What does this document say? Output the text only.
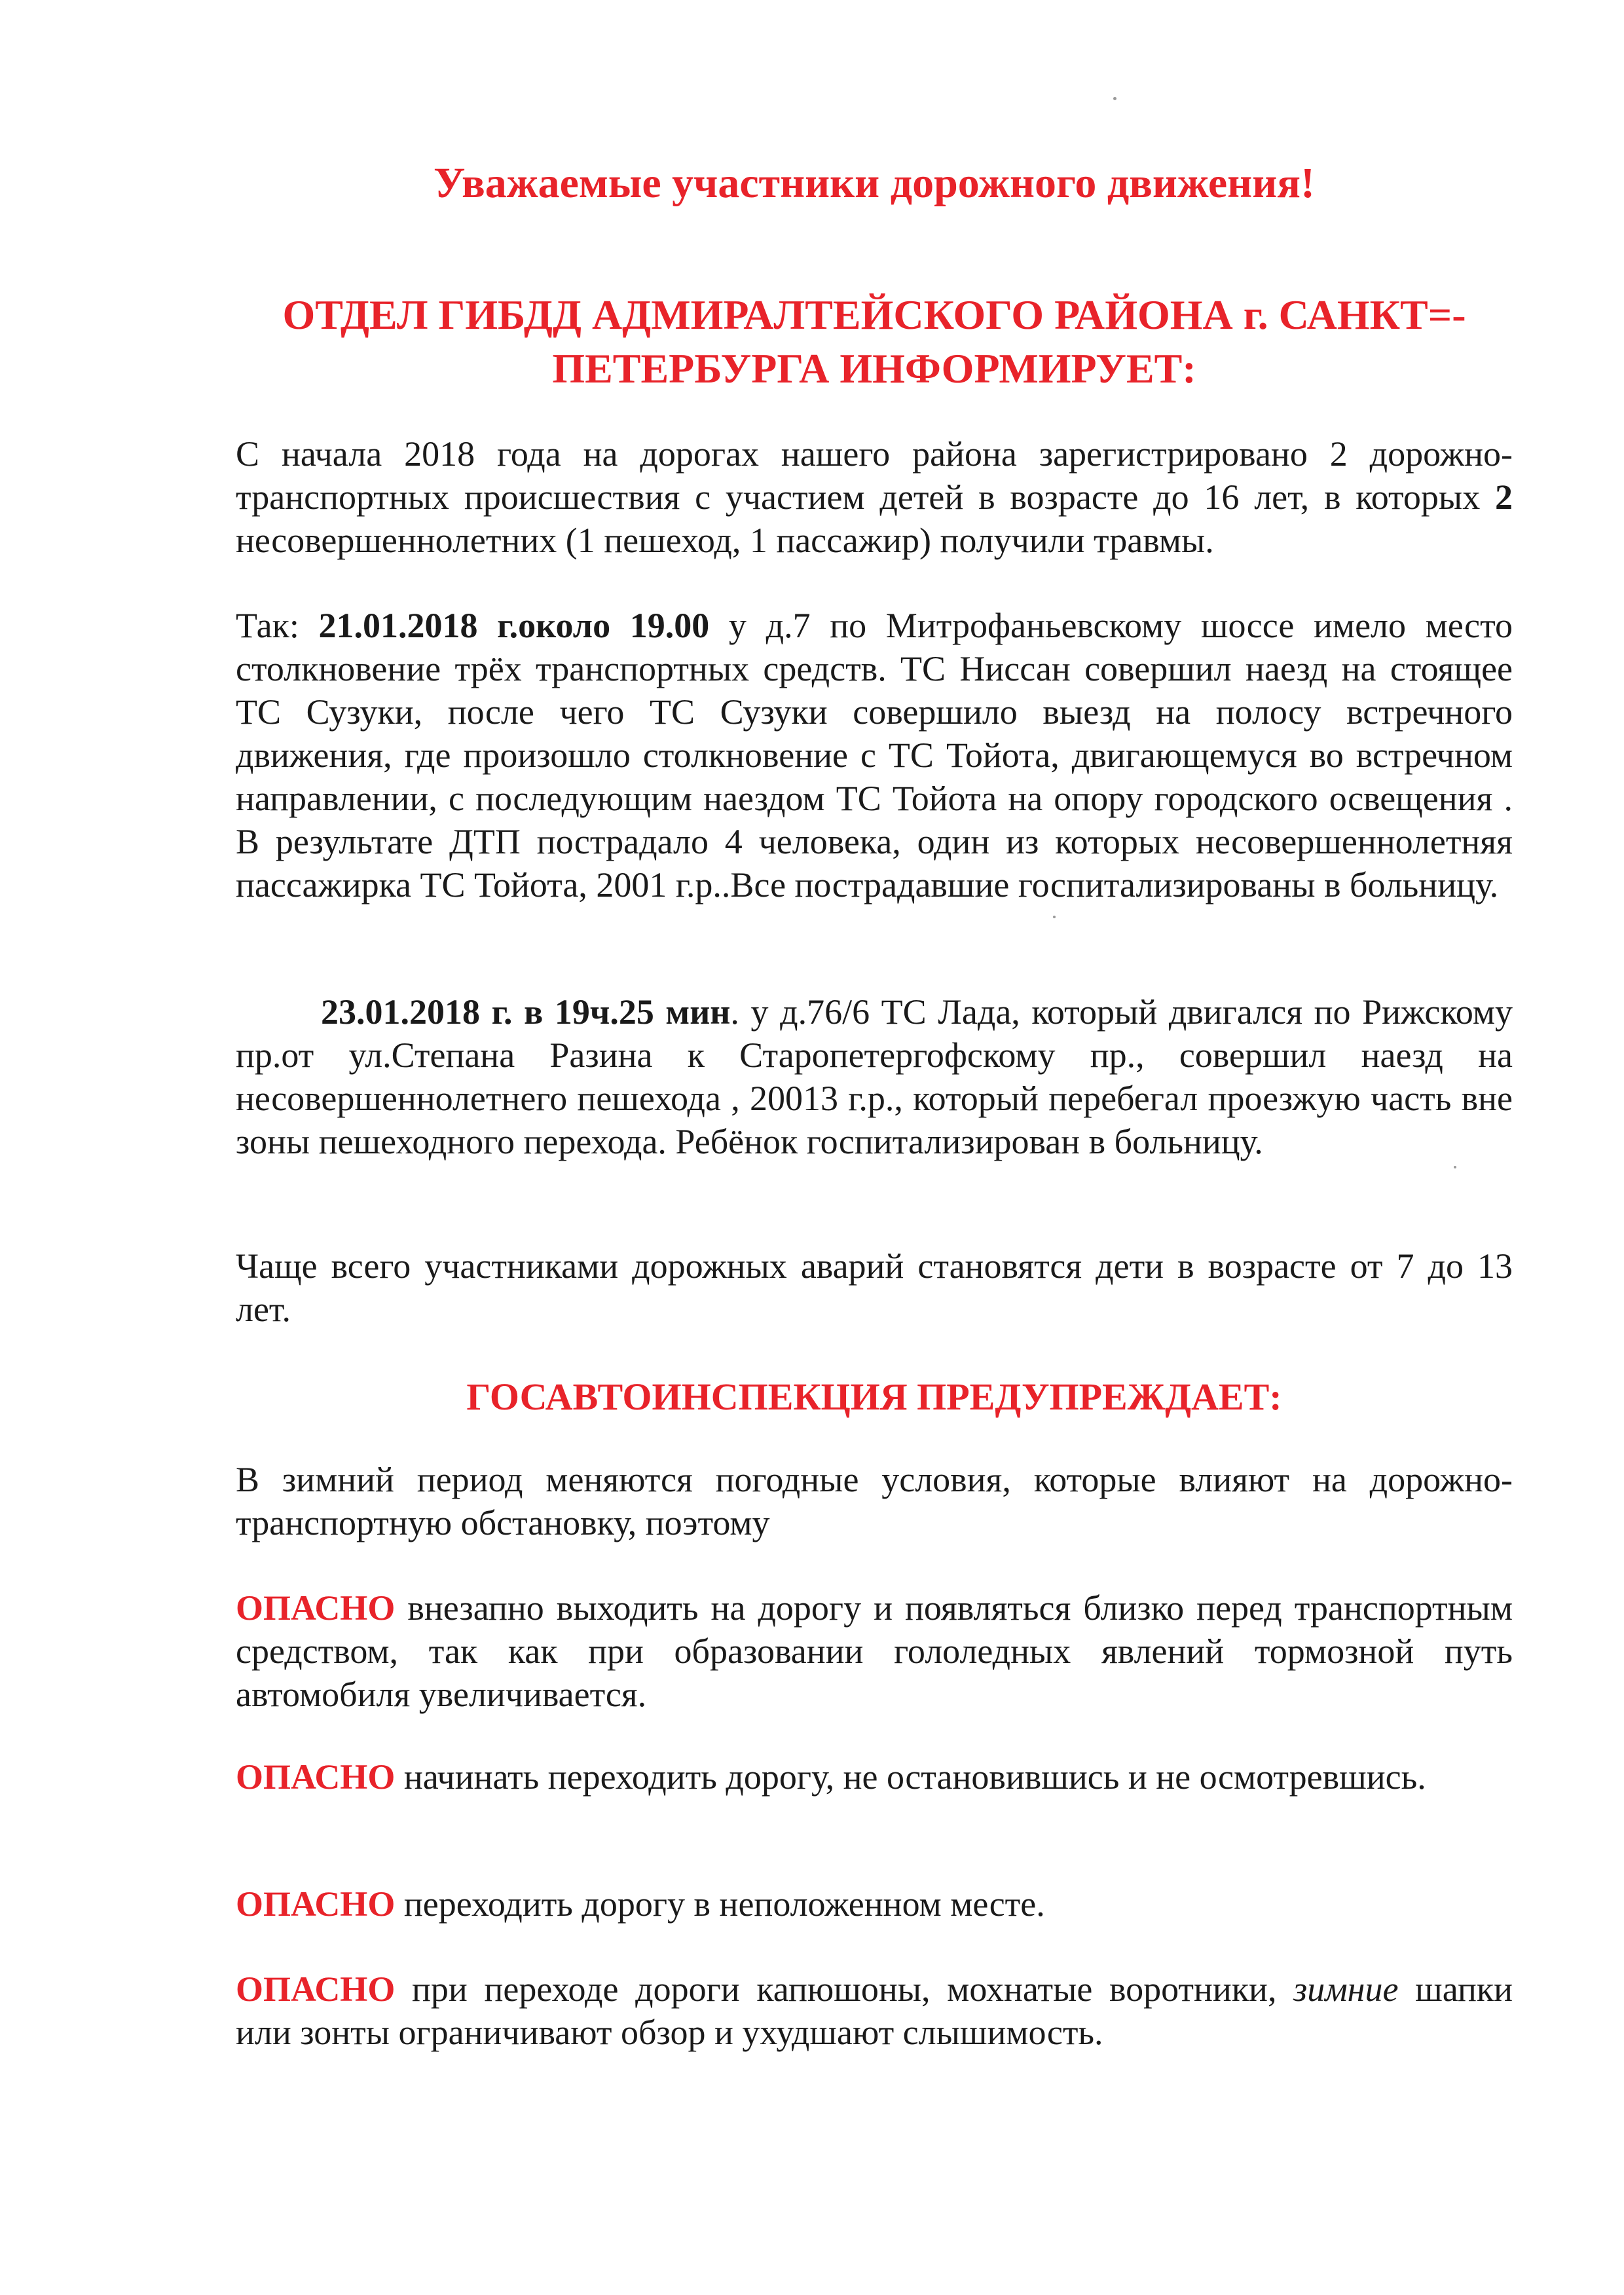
Уважаемые участники дорожного движения!
ОТДЕЛ ГИБДД АДМИРАЛТЕЙСКОГО РАЙОНА г. САНКТ=-
ПЕТЕРБУРГА ИНФОРМИРУЕТ:

С начала 2018 года на дорогах нашего района зарегистрировано 2 дорожно-транспортных происшествия с участием детей в возрасте до 16 лет, в которых 2 несовершеннолетних (1 пешеход, 1 пассажир) получили травмы.

Так: 21.01.2018 г.около 19.00 у д.7 по Митрофаньевскому шоссе имело место столкновение трёх транспортных средств. ТС Ниссан совершил наезд на стоящее ТС Сузуки, после чего ТС Сузуки совершило выезд на полосу встречного движения, где произошло столкновение с ТС Тойота, двигающемуся во встречном направлении, с последующим наездом ТС Тойота на опору городского освещения . В результате ДТП пострадало 4 человека, один из которых несовершеннолетняя пассажирка ТС Тойота, 2001 г.р..Все пострадавшие госпитализированы в больницу.

23.01.2018 г. в 19ч.25 мин. у д.76/6 ТС Лада, который двигался по Рижскому пр.от ул.Степана Разина к Старопетергофскому пр., совершил наезд на несовершеннолетнего пешехода , 20013 г.р., который перебегал проезжую часть вне зоны пешеходного перехода. Ребёнок госпитализирован в больницу.

Чаще всего участниками дорожных аварий становятся дети в возрасте от 7 до 13 лет.

ГОСАВТОИНСПЕКЦИЯ ПРЕДУПРЕЖДАЕТ:

В зимний период меняются погодные условия, которые влияют на дорожно-транспортную обстановку, поэтому

ОПАСНО внезапно выходить на дорогу и появляться близко перед транспортным средством, так как при образовании гололедных явлений тормозной путь автомобиля увеличивается.

ОПАСНО начинать переходить дорогу, не остановившись и не осмотревшись.

ОПАСНО переходить дорогу в неположенном месте.

ОПАСНО при переходе дороги капюшоны, мохнатые воротники, зимние шапки или зонты ограничивают обзор и ухудшают слышимость.
